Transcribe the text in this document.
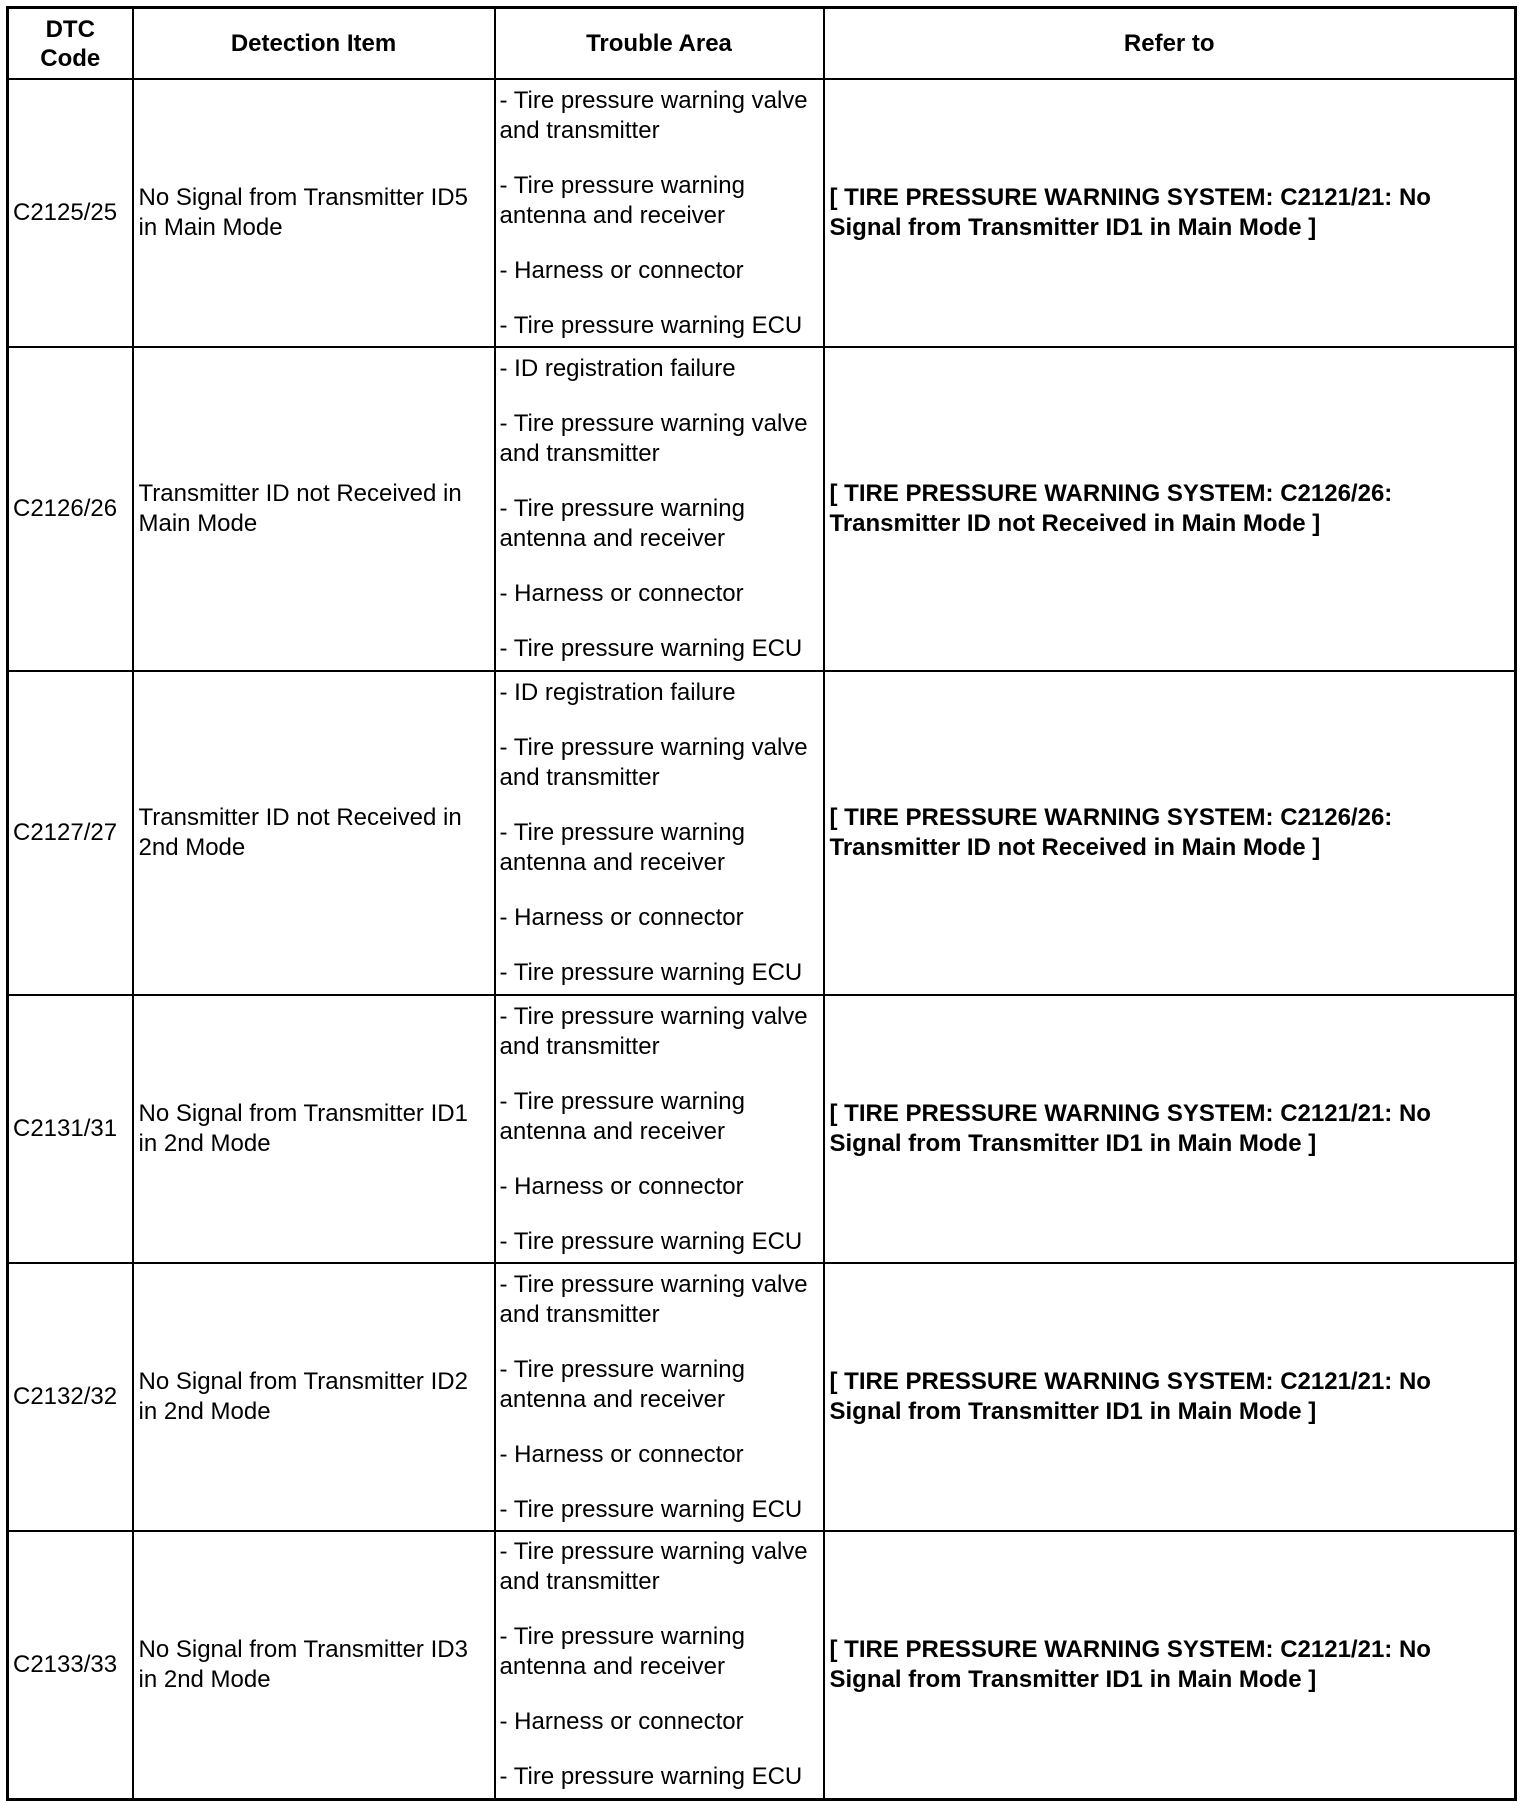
DTC Code	Detection Item	Trouble Area	Refer to
C2125/25	No Signal from Transmitter ID5 in Main Mode	- Tire pressure warning valve and transmitter
- Tire pressure warning antenna and receiver
- Harness or connector
- Tire pressure warning ECU	[ TIRE PRESSURE WARNING SYSTEM: C2121/21: No Signal from Transmitter ID1 in Main Mode ]
C2126/26	Transmitter ID not Received in Main Mode	- ID registration failure
- Tire pressure warning valve and transmitter
- Tire pressure warning antenna and receiver
- Harness or connector
- Tire pressure warning ECU	[ TIRE PRESSURE WARNING SYSTEM: C2126/26: Transmitter ID not Received in Main Mode ]
C2127/27	Transmitter ID not Received in 2nd Mode	- ID registration failure
- Tire pressure warning valve and transmitter
- Tire pressure warning antenna and receiver
- Harness or connector
- Tire pressure warning ECU	[ TIRE PRESSURE WARNING SYSTEM: C2126/26: Transmitter ID not Received in Main Mode ]
C2131/31	No Signal from Transmitter ID1 in 2nd Mode	- Tire pressure warning valve and transmitter
- Tire pressure warning antenna and receiver
- Harness or connector
- Tire pressure warning ECU	[ TIRE PRESSURE WARNING SYSTEM: C2121/21: No Signal from Transmitter ID1 in Main Mode ]
C2132/32	No Signal from Transmitter ID2 in 2nd Mode	- Tire pressure warning valve and transmitter
- Tire pressure warning antenna and receiver
- Harness or connector
- Tire pressure warning ECU	[ TIRE PRESSURE WARNING SYSTEM: C2121/21: No Signal from Transmitter ID1 in Main Mode ]
C2133/33	No Signal from Transmitter ID3 in 2nd Mode	- Tire pressure warning valve and transmitter
- Tire pressure warning antenna and receiver
- Harness or connector
- Tire pressure warning ECU	[ TIRE PRESSURE WARNING SYSTEM: C2121/21: No Signal from Transmitter ID1 in Main Mode ]
